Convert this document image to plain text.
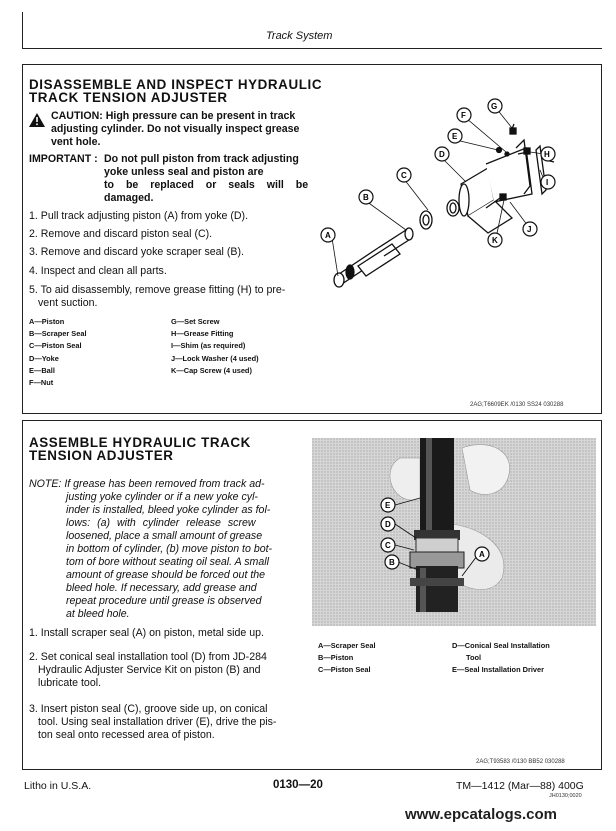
Track System
DISASSEMBLE AND INSPECT HYDRAULIC
TRACK TENSION ADJUSTER
CAUTION: High pressure can be present in track
adjusting cylinder. Do not visually inspect grease
vent hole.
IMPORTANT : Do not pull piston from track adjusting
yoke unless seal and piston are
to be replaced or seals will be
damaged.
1. Pull track adjusting piston (A) from yoke (D).
2. Remove and discard piston seal (C).
3. Remove and discard yoke scraper seal (B).
4. Inspect and clean all parts.
5. To aid disassembly, remove grease fitting (H) to pre-
vent suction.
A—Piston
B—Scraper Seal
C—Piston Seal
D—Yoke
E—Ball
F—Nut
G—Set Screw
H—Grease Fitting
I—Shim (as required)
J—Lock Washer (4 used)
K—Cap Screw (4 used)
A
B
C
D
E
F
G
H
I
J
K
2AG;T6609EK /0130 SS24 030288
ASSEMBLE HYDRAULIC TRACK
TENSION ADJUSTER
NOTE: If grease has been removed from track ad-
justing yoke cylinder or if a new yoke cyl-
inder is installed, bleed yoke cylinder as fol-
lows: (a) with cylinder release screw
loosened, place a small amount of grease
in bottom of cylinder, (b) move piston to bot-
tom of bore without seating oil seal. A small
amount of grease should be forced out the
bleed hole. If necessary, add grease and
repeat procedure until grease is observed
at bleed hole.
1. Install scraper seal (A) on piston, metal side up.
2. Set conical seal installation tool (D) from JD-284
Hydraulic Adjuster Service Kit on piston (B) and
lubricate tool.
3. Insert piston seal (C), groove side up, on conical
tool. Using seal installation driver (E), drive the pis-
ton seal onto recessed area of piston.
E
D
C
B
A
A—Scraper Seal
B—Piston
C—Piston Seal
D—Conical Seal Installation
Tool
E—Seal Installation Driver
2AG;T93583 /0130 BB52 030288
Litho in U.S.A.	0130—20	TM—1412 (Mar—88) 400G
JH0130;0020
www.epcatalogs.com
